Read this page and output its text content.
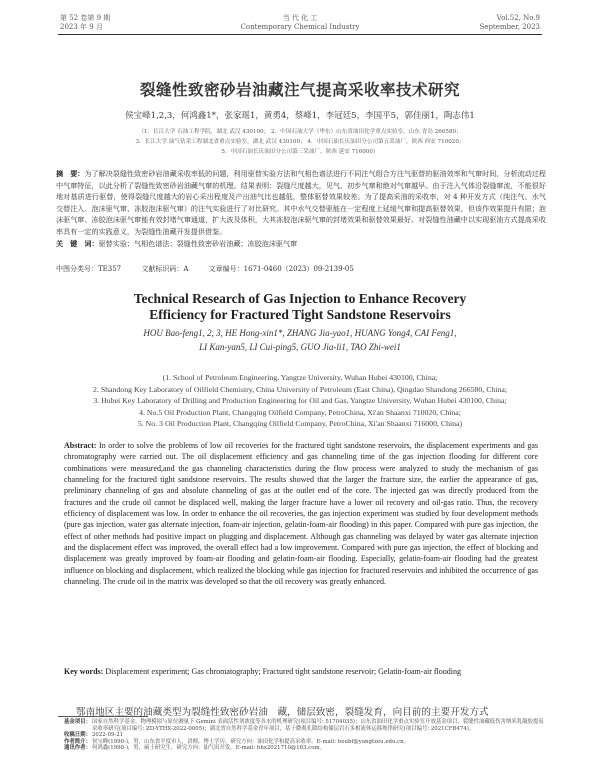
第 52 卷第 9 期
2023 年 9 月
当 代 化 工
Contemporary Chemical Industry
Vol.52, No.9
September, 2023
裂缝性致密砂岩油藏注气提高采收率技术研究
侯宝峰1,2,3，何鸿鑫1*，张家瑶1，黄勇4，蔡峰1，李冠廷5，李国平5，郭佳丽1，陶志伟1
（1．长江大学 石油工程学院，湖北 武汉 430100； 2．中国石油大学（华东）山东省油田化学重点实验室，山东 青岛 266580；
3．长江大学 油气钻采工程湖北省重点实验室，湖北 武汉 430100； 4．中国石油长庆油田分公司第五采油厂，陕西 西安 710020；
5．中国石油长庆油田分公司第三采油厂，陕西 延安 716000）
摘　要：为了解决裂缝性致密砂岩油藏采收率低的问题，利用驱替实验方法和气相色谱法进行不同注气组合方注气驱替的驱油效率和气窜时间，分析流动过程中气窜特征，以此分析了裂缝性致密砂岩油藏气窜的机理。结果表明：裂缝尺度越大，见气、初步气窜和绝对气窜越早。由于注入气体沿裂缝窜流，不能很好地对基质进行驱替，使得裂缝尺度越大的岩心采出程度及产出油气比也越低，整体驱替效果较差。为了提高采油的采收率，对 4 种开发方式（纯注气、水气交替注入、泡沫驱气窜、冻胶泡沫驱气窜）的注气实验进行了对比研究。其中水气交替驱能在一定程度上延缓气窜和提高驱替效果，但该作效果提升有限；泡沫驱气窜、冻胶泡沫驱气窜能有效封堵气窜通道，扩大波及体积，大其冻胶泡沫驱气窜的封堵效果和驱替效果最好。对裂缝性油藏中以实现驱油方式提高采收率具有一定的实践意义，为裂缝性油藏开发提供借鉴。
关　键　词：驱替实验；气相色谱法；裂缝性致密砂岩油藏；冻胶泡沫驱气窜
中图分类号：TE357	文献标识码：A	文章编号：1671-0460（2023）09-2139-05
Technical Research of Gas Injection to Enhance Recovery
Efficiency for Fractured Tight Sandstone Reservoirs
HOU Bao-feng1, 2, 3, HE Hong-xin1*, ZHANG Jia-yao1, HUANG Yong4, CAI Feng1,
LI Kan-yan5, LI Cui-ping5, GUO Jia-li1, TAO Zhi-wei1
(1. School of Petroleum Engineering, Yangtze University, Wuhan Hubei 430100, China;
2. Shandong Key Laboratory of Oilfield Chemistry, China University of Petroleum (East China), Qingdao Shandong 266580, China;
3. Hubei Key Laboratory of Drilling and Production Engineering for Oil and Gas, Yangtze University, Wuhan Hubei 430100, China;
4. No.5 Oil Production Plant, Changqing Oilfield Company, PetroChina, Xi'an Shaanxi 710020, China;
5. No. 3 Oil Production Plant, Changqing Oilfield Company, PetroChina, Xi'an Shaanxi 716000, China)
Abstract: In order to solve the problems of low oil recoveries for the fractured tight sandstone reservoirs, the displacement experiments and gas chromatography were carried out. The oil displacement efficiency and gas channeling time of the gas injection flooding for different core combinations were measured,and the gas channeling characteristics during the flow process were analyzed to study the mechanism of gas channeling for the fractured tight sandstone reservoirs. The results showed that the larger the fracture size, the earlier the appearance of gas, preliminary channeling of gas and absolute channeling of gas at the outlet end of the core. The injected gas was directly produced from the fractures and the crude oil cannot be displaced well, making the larger fracture have a lower oil recovery and oil-gas ratio. Thus, the recovery efficiency of displacement was low. In order to enhance the oil recoveries, the gas injection experiment was studied by four development methods (pure gas injection, water gas alternate injection, foam-air injection, gelatin-foam-air flooding) in this paper. Compared with pure gas injection, the effect of other methods had positive impact on plugging and displacement. Although gas channeling was delayed by water gas alternate injection and the displacement effect was improved, the overall effect had a low improvement. Compared with pure gas injection, the effect of blocking and displacement was greatly improved by foam-air flooding and gelatin-foam-air flooding. Especially, gelatin-foam-air flooding had the greatest influence on blocking and displacement, which realized the blocking while gas injection for fractured reservoirs and inhibited the occurrence of gas channeling. The crude oil in the matrix was developed so that the oil recovery was greatly enhanced.
Key words: Displacement experiment; Gas chromatography; Fractured tight sandstone reservoir; Gelatin-foam-air flooding
鄂南地区主要的油藏类型为裂缝性致密砂岩油　藏，储层致密，裂缝发育，向目前的主要开发方式
基金项目： 国家自然科学基金，物理模拟与原位测量下 Gemini 表面活性剂浓度等各水的机理研究(项目编号: 51704035)；山东省油田化学重点实验室开放基金项目，裂缝性油藏低伤害纳米乳凝胶提高采收率研究(项目编号: ZD-YTHX-2022-0005)；湖北省自然科学基金青年项目，基于微观孔隙结构储层岩石多相流体运移规律研究(项目编号: 2021CFB474)。
收稿日期： 2022-09-21
作者简介： 侯宝峰(1990-)，男，山东省平度市人，讲师，博士学历，研究方向：油田化学和提高采收率。E-mail: houbf@yangtzeu.edu.cn。
通讯作者： 何鸿鑫(1998-)，男，硕士研究生，研究方向：油气田开发。E-mail: hhx2021710@163.com。
